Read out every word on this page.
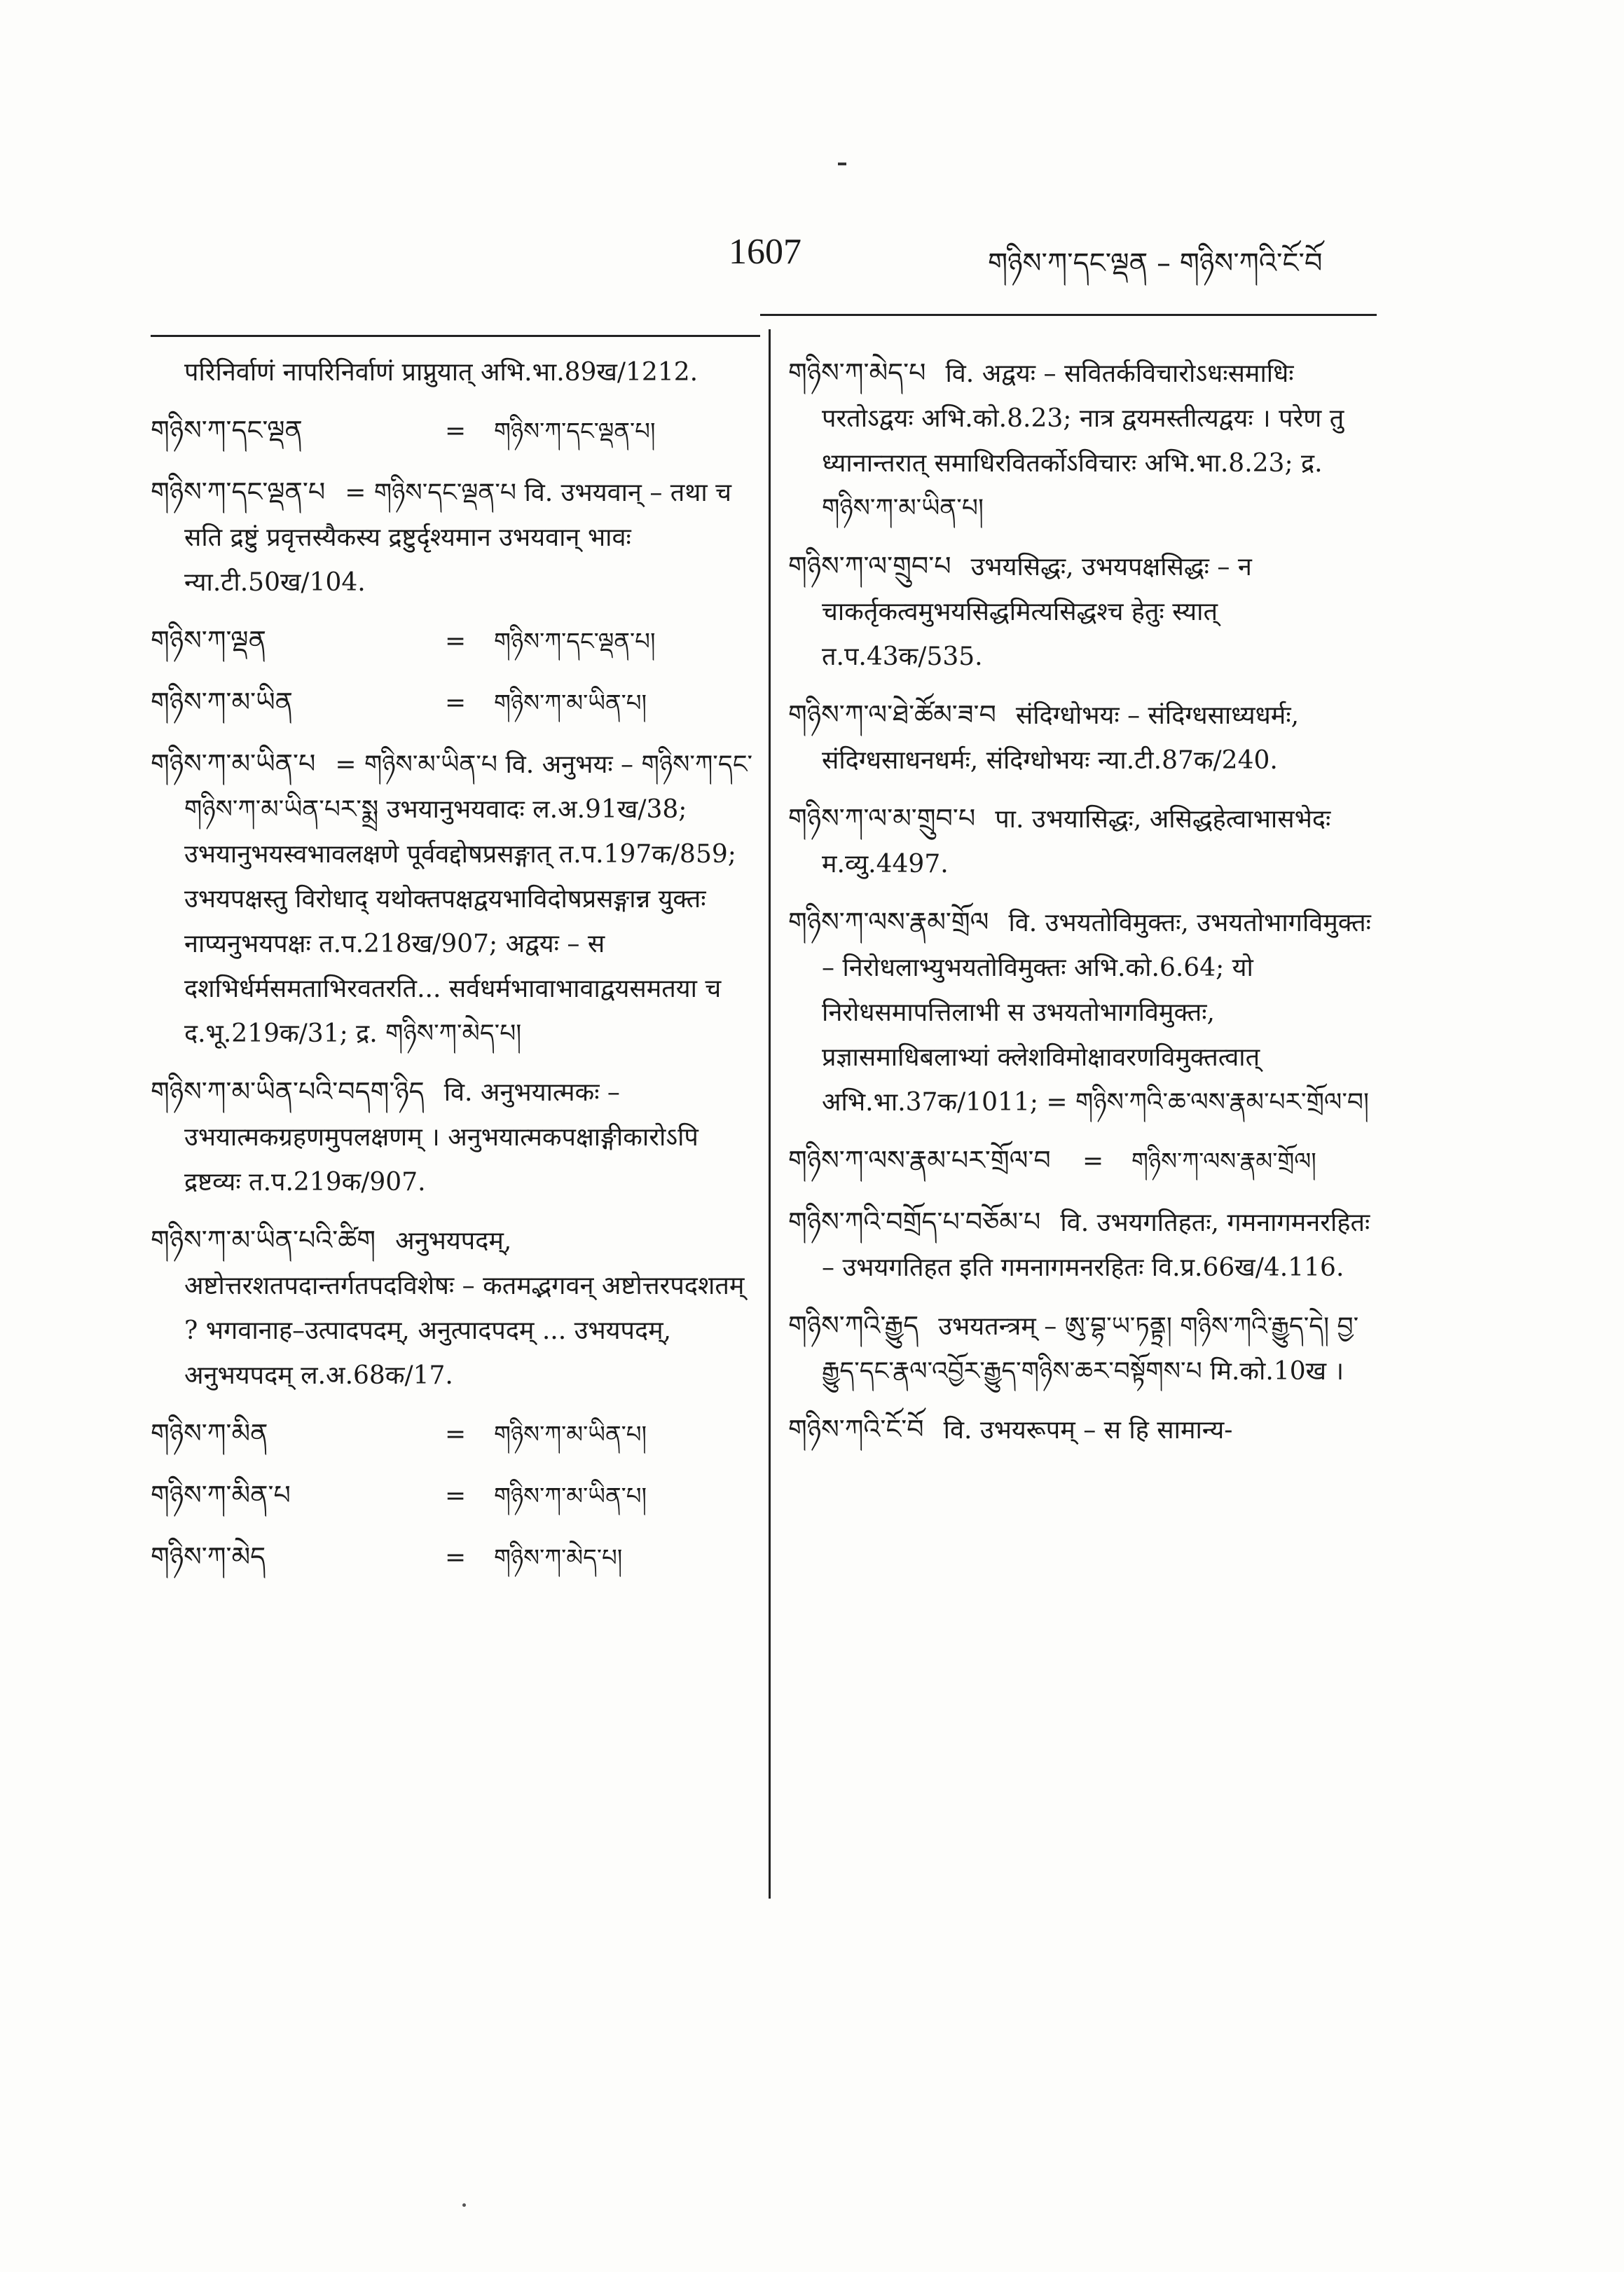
1607	གཉིས་ཀ་དང་ལྡན – གཉིས་ཀའི་ངོ་བོ
परिनिर्वाणं नापरिनिर्वाणं प्राप्नुयात् अभि.भा.89ख/1212.
གཉིས་ཀ་དང་ལྡན	=	གཉིས་ཀ་དང་ལྡན་པ།
གཉིས་ཀ་དང་ལྡན་པ = གཉིས་དང་ལྡན་པ वि. उभयवान् – तथा च सति द्रष्टुं प्रवृत्तस्यैकस्य द्रष्टुर्दृश्यमान उभयवान् भावः न्या.टी.50ख/104.
གཉིས་ཀ་ལྡན	=	གཉིས་ཀ་དང་ལྡན་པ།
གཉིས་ཀ་མ་ཡིན	=	གཉིས་ཀ་མ་ཡིན་པ།
གཉིས་ཀ་མ་ཡིན་པ = གཉིས་མ་ཡིན་པ वि. अनुभयः – གཉིས་ཀ་དང་གཉིས་ཀ་མ་ཡིན་པར་སྨྲ उभयानुभयवादः ल.अ.91ख/38; उभयानुभयस्वभावलक्षणे पूर्ववद्दोषप्रसङ्गात् त.प.197क/859; उभयपक्षस्तु विरोधाद् यथोक्तपक्षद्वयभाविदोषप्रसङ्गान्न युक्तः नाप्यनुभयपक्षः त.प.218ख/907; अद्वयः – स दशभिर्धर्मसमताभिरवतरति... सर्वधर्मभावाभावाद्वयसमतया च द.भू.219क/31; द्र. གཉིས་ཀ་མེད་པ།
གཉིས་ཀ་མ་ཡིན་པའི་བདག་ཉིད वि. अनुभयात्मकः – उभयात्मकग्रहणमुपलक्षणम् । अनुभयात्मकपक्षाङ्गीकारोऽपि द्रष्टव्यः त.प.219क/907.
གཉིས་ཀ་མ་ཡིན་པའི་ཚིག अनुभयपदम्, अष्टोत्तरशतपदान्तर्गतपदविशेषः – कतमद्भगवन् अष्टोत्तरपदशतम् ? भगवानाह–उत्पादपदम्, अनुत्पादपदम् ... उभयपदम्, अनुभयपदम् ल.अ.68क/17.
གཉིས་ཀ་མིན	=	གཉིས་ཀ་མ་ཡིན་པ།
གཉིས་ཀ་མིན་པ	=	གཉིས་ཀ་མ་ཡིན་པ།
གཉིས་ཀ་མེད	=	གཉིས་ཀ་མེད་པ།
གཉིས་ཀ་མེད་པ वि. अद्वयः – सवितर्कविचारोऽधःसमाधिः परतोऽद्वयः अभि.को.8.23; नात्र द्वयमस्तीत्यद्वयः । परेण तु ध्यानान्तरात् समाधिरवितर्कोऽविचारः अभि.भा.8.23; द्र. གཉིས་ཀ་མ་ཡིན་པ།
གཉིས་ཀ་ལ་གྲུབ་པ उभयसिद्धः, उभयपक्षसिद्धः – न चाकर्तृकत्वमुभयसिद्धमित्यसिद्धश्च हेतुः स्यात् त.प.43क/535.
གཉིས་ཀ་ལ་ཐེ་ཚོམ་ཟ་བ संदिग्धोभयः – संदिग्धसाध्यधर्मः, संदिग्धसाधनधर्मः, संदिग्धोभयः न्या.टी.87क/240.
གཉིས་ཀ་ལ་མ་གྲུབ་པ पा. उभयासिद्धः, असिद्धहेत्वाभासभेदः म.व्यु.4497.
གཉིས་ཀ་ལས་རྣམ་གྲོལ वि. उभयतोविमुक्तः, उभयतोभागविमुक्तः – निरोधलाभ्युभयतोविमुक्तः अभि.को.6.64; यो निरोधसमापत्तिलाभी स उभयतोभागविमुक्तः, प्रज्ञासमाधिबलाभ्यां क्लेशविमोक्षावरणविमुक्तत्वात् अभि.भा.37क/1011; = གཉིས་ཀའི་ཆ་ལས་རྣམ་པར་གྲོལ་བ།
གཉིས་ཀ་ལས་རྣམ་པར་གྲོལ་བ	=	གཉིས་ཀ་ལས་རྣམ་གྲོལ།
གཉིས་ཀའི་བགྲོད་པ་བཅོམ་པ वि. उभयगतिहतः, गमनागमनरहितः – उभयगतिहत इति गमनागमनरहितः वि.प्र.66ख/4.116.
གཉིས་ཀའི་རྒྱུད उभयतन्त्रम् – ཨུ་བྷ་ཡ་ཏནྟྲ། གཉིས་ཀའི་རྒྱུད་དེ། བྱ་རྒྱུད་དང་རྣལ་འབྱོར་རྒྱུད་གཉིས་ཆར་བསྟོགས་པ मि.को.10ख ।
གཉིས་ཀའི་ངོ་བོ वि. उभयरूपम् – स हि सामान्य-
